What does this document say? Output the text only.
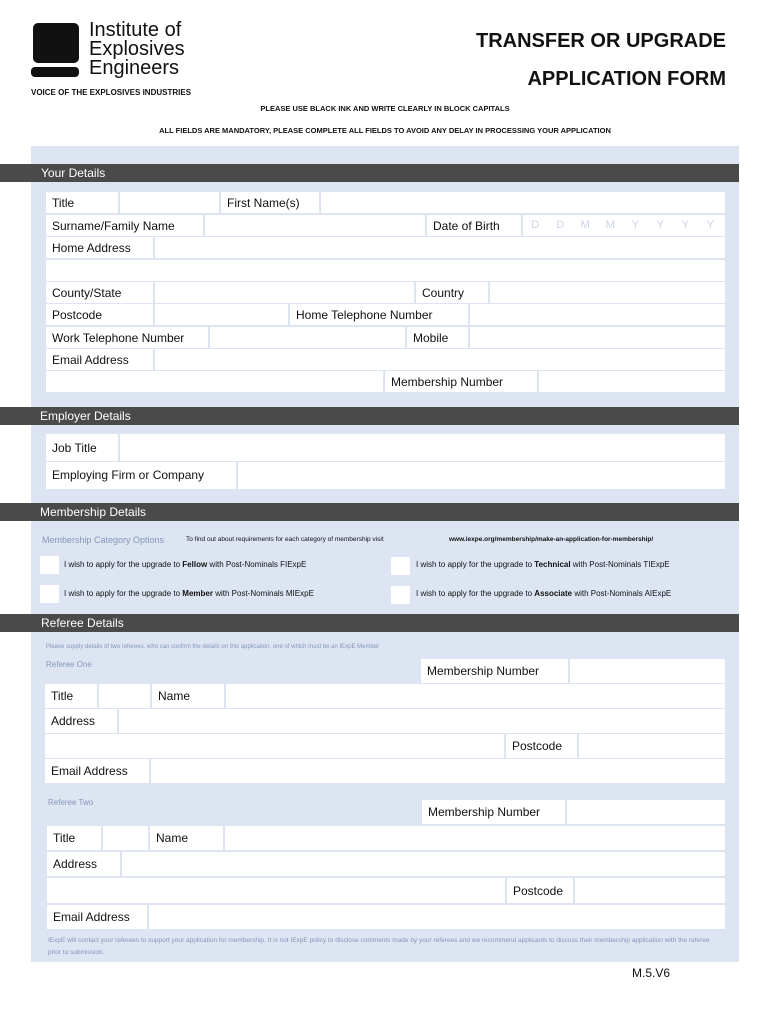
Institute of
Explosives
Engineers
VOICE OF THE EXPLOSIVES INDUSTRIES
TRANSFER OR UPGRADE
APPLICATION FORM
PLEASE USE BLACK INK AND WRITE CLEARLY IN BLOCK CAPITALS
ALL FIELDS ARE MANDATORY, PLEASE COMPLETE ALL FIELDS TO AVOID ANY DELAY IN PROCESSING YOUR APPLICATION
Your Details
Title	First Name(s)
Surname/Family Name	Date of Birth	D	D	M	M	Y	Y	Y	Y
Home Address
County/State	Country
Postcode	Home Telephone Number
Work Telephone Number	Mobile
Email Address
Membership Number
Employer Details
Job Title
Employing Firm or Company
Membership Details
Membership Category Options	To find out about requirements for each category of membership visit	www.iexpe.org/membership/make-an-application-for-membership/
I wish to apply for the upgrade to Fellow with Post-Nominals FIExpE	I wish to apply for the upgrade to Technical with Post-Nominals TIExpE
I wish to apply for the upgrade to Member with Post-Nominals MIExpE	I wish to apply for the upgrade to Associate with Post-Nominals AIExpE
Referee Details
Please supply details of two referees, who can confirm the details on this application, one of which must be an IExpE Member
Referee One	Membership Number
Title	Name
Address
Postcode
Email Address
Referee Two
Membership Number
Title	Name
Address
Postcode
Email Address
IExpE will contact your referees to support your application for membership. It is not IExpE policy to disclose comments made by your referees and we recommend applicants to discuss their membership application with the referee prior to submission.
M.5.V6
